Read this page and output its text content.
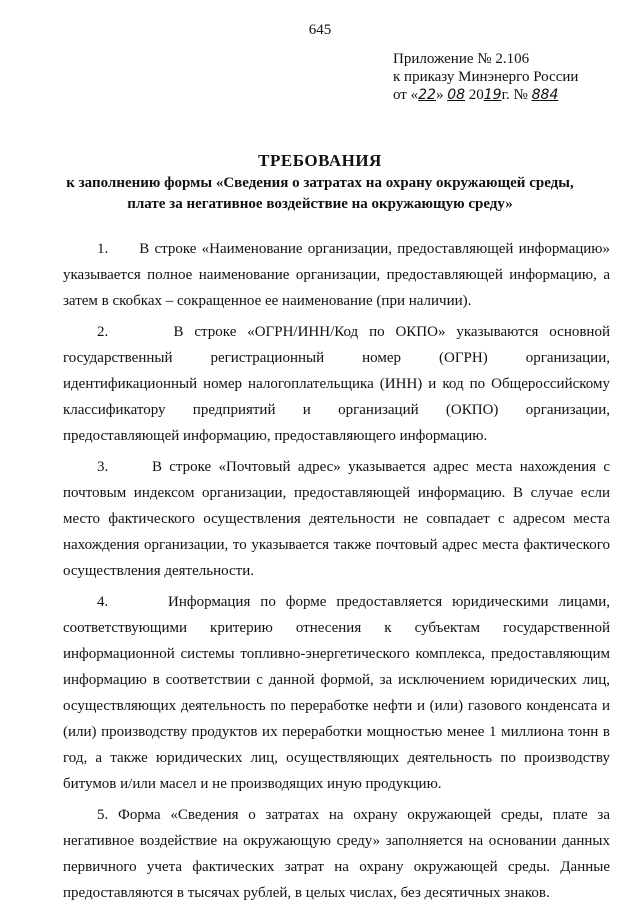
645
Приложение № 2.106
к приказу Минэнерго России
от «22» 08 2019г. № 884
ТРЕБОВАНИЯ
к заполнению формы «Сведения о затратах на охрану окружающей среды,
плате за негативное воздействие на окружающую среду»

1.      В строке «Наименование организации, предоставляющей информацию» указывается полное наименование организации, предоставляющей информацию, а затем в скобках – сокращенное ее наименование (при наличии).

2.      В строке «ОГРН/ИНН/Код по ОКПО» указываются основной государственный регистрационный номер (ОГРН) организации, идентификационный номер налогоплательщика (ИНН) и код по Общероссийскому классификатору предприятий и организаций (ОКПО) организации, предоставляющей информацию, предоставляющего информацию.

3.      В строке «Почтовый адрес» указывается адрес места нахождения с почтовым индексом организации, предоставляющей информацию. В случае если место фактического осуществления деятельности не совпадает с адресом места нахождения организации, то указывается также почтовый адрес места фактического осуществления деятельности.

4.      Информация по форме предоставляется юридическими лицами, соответствующими критерию отнесения к субъектам государственной информационной системы топливно-энергетического комплекса, предоставляющим информацию в соответствии с данной формой, за исключением юридических лиц, осуществляющих деятельность по переработке нефти и (или) газового конденсата и (или) производству продуктов их переработки мощностью менее 1 миллиона тонн в год, а также юридических лиц, осуществляющих деятельность по производству битумов и/или масел и не производящих иную продукцию.

5. Форма «Сведения о затратах на охрану окружающей среды, плате за негативное воздействие на окружающую среду» заполняется на основании данных первичного учета фактических затрат на охрану окружающей среды. Данные предоставляются в тысячах рублей, в целых числах, без десятичных знаков.
